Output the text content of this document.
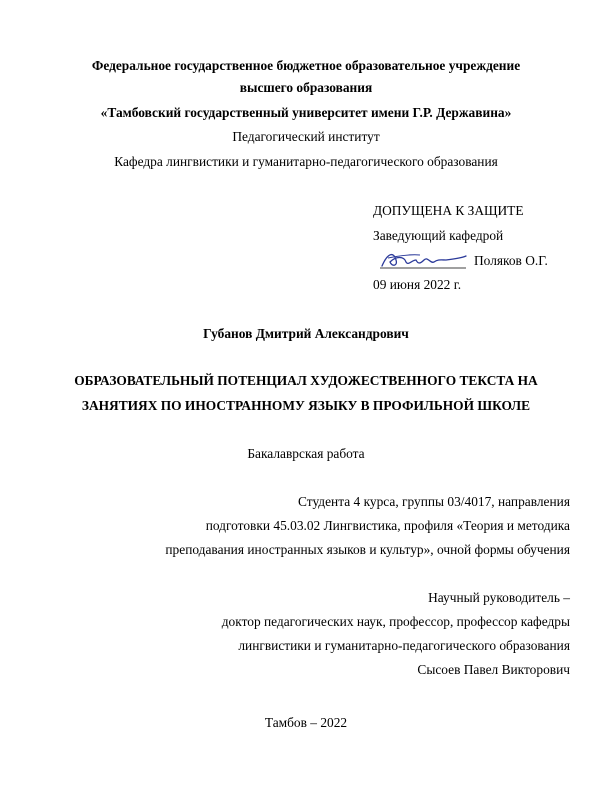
Федеральное государственное бюджетное образовательное учреждение
высшего образования
«Тамбовский государственный университет имени Г.Р. Державина»
Педагогический институт
Кафедра лингвистики и гуманитарно-педагогического образования
ДОПУЩЕНА К ЗАЩИТЕ
Заведующий кафедрой
Поляков О.Г.
09 июня 2022 г.
Губанов Дмитрий Александрович
ОБРАЗОВАТЕЛЬНЫЙ ПОТЕНЦИАЛ ХУДОЖЕСТВЕННОГО ТЕКСТА НА
ЗАНЯТИЯХ ПО ИНОСТРАННОМУ ЯЗЫКУ В ПРОФИЛЬНОЙ ШКОЛЕ
Бакалаврская работа
Студента 4 курса, группы 03/4017, направления
подготовки 45.03.02 Лингвистика, профиля «Теория и методика
преподавания иностранных языков и культур», очной формы обучения
Научный руководитель –
доктор педагогических наук, профессор, профессор кафедры
лингвистики и гуманитарно-педагогического образования
Сысоев Павел Викторович
Тамбов – 2022
